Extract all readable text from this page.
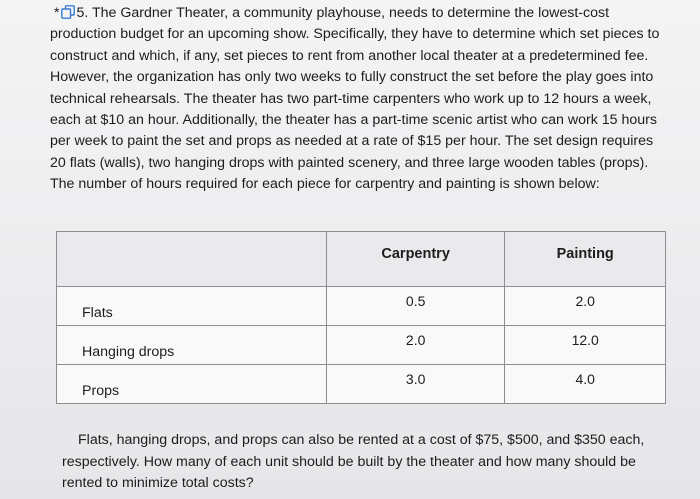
* 5. The Gardner Theater, a community playhouse, needs to determine the lowest-cost production budget for an upcoming show. Specifically, they have to determine which set pieces to construct and which, if any, set pieces to rent from another local theater at a predetermined fee. However, the organization has only two weeks to fully construct the set before the play goes into technical rehearsals. The theater has two part-time carpenters who work up to 12 hours a week, each at $10 an hour. Additionally, the theater has a part-time scenic artist who can work 15 hours per week to paint the set and props as needed at a rate of $15 per hour. The set design requires 20 flats (walls), two hanging drops with painted scenery, and three large wooden tables (props). The number of hours required for each piece for carpentry and painting is shown below:

	Carpentry	Painting

Flats	0.5	2.0

Hanging drops	2.0	12.0

Props	3.0	4.0

Flats, hanging drops, and props can also be rented at a cost of $75, $500, and $350 each, respectively. How many of each unit should be built by the theater and how many should be rented to minimize total costs?
